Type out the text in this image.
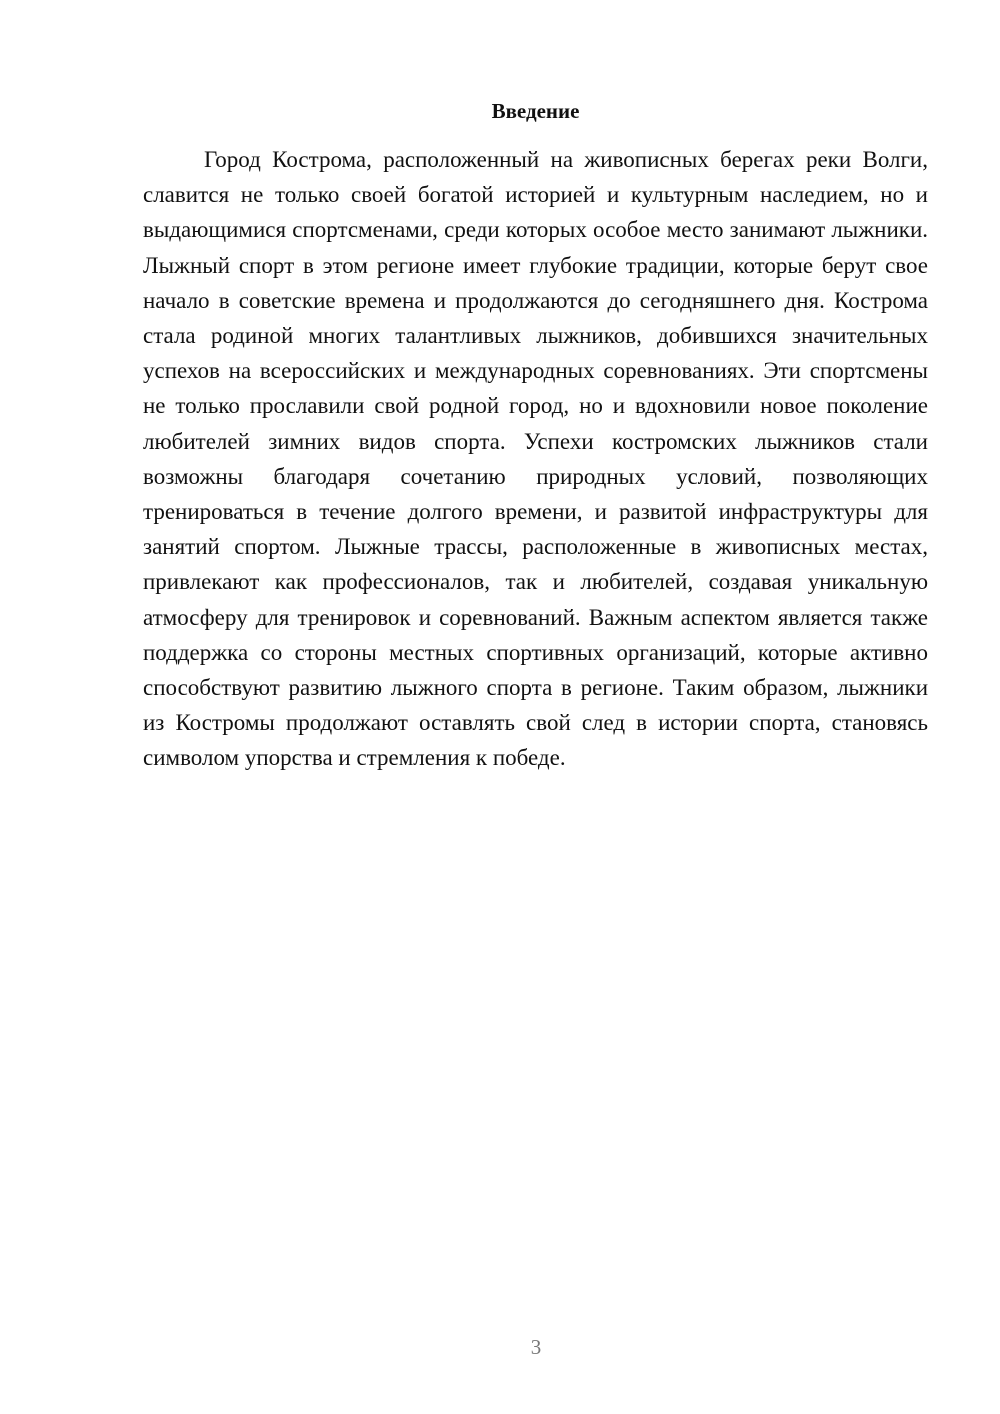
Введение

Город Кострома, расположенный на живописных берегах реки Волги, славится не только своей богатой историей и культурным наследием, но и выдающимися спортсменами, среди которых особое место занимают лыжники. Лыжный спорт в этом регионе имеет глубокие традиции, которые берут свое начало в советские времена и продолжаются до сегодняшнего дня. Кострома стала родиной многих талантливых лыжников, добившихся значительных успехов на всероссийских и международных соревнованиях. Эти спортсмены не только прославили свой родной город, но и вдохновили новое поколение любителей зимних видов спорта. Успехи костромских лыжников стали возможны благодаря сочетанию природных условий, позволяющих тренироваться в течение долгого времени, и развитой инфраструктуры для занятий спортом. Лыжные трассы, расположенные в живописных местах, привлекают как профессионалов, так и любителей, создавая уникальную атмосферу для тренировок и соревнований. Важным аспектом является также поддержка со стороны местных спортивных организаций, которые активно способствуют развитию лыжного спорта в регионе. Таким образом, лыжники из Костромы продолжают оставлять свой след в истории спорта, становясь символом упорства и стремления к победе.

3
